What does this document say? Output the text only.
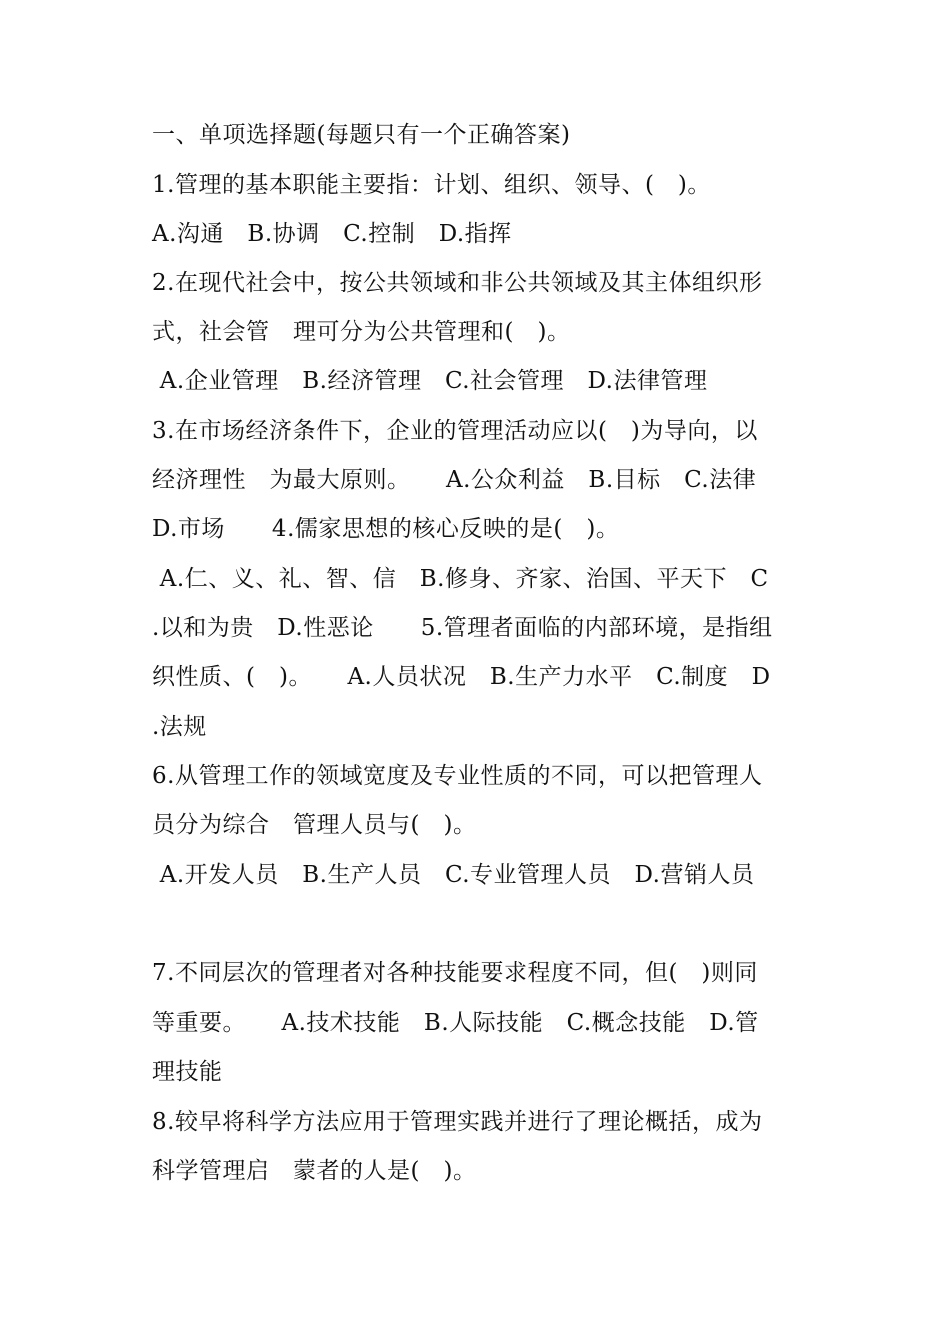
一、单项选择题(每题只有一个正确答案)
1.管理的基本职能主要指：计划、组织、领导、(　)。
A.沟通　B.协调　C.控制　D.指挥
2.在现代社会中，按公共领域和非公共领域及其主体组织形
式，社会管　理可分为公共管理和(　)。
A.企业管理　B.经济管理　C.社会管理　D.法律管理
3.在市场经济条件下，企业的管理活动应以(　)为导向，以
经济理性　为最大原则。　　A.公众利益　B.目标　C.法律
D.市场　　4.儒家思想的核心反映的是(　)。
A.仁、义、礼、智、信　B.修身、齐家、治国、平天下　C
.以和为贵　D.性恶论　　5.管理者面临的内部环境，是指组
织性质、(　)。　　A.人员状况　B.生产力水平　C.制度　D
.法规
6.从管理工作的领域宽度及专业性质的不同，可以把管理人
员分为综合　管理人员与(　)。
A.开发人员　B.生产人员　C.专业管理人员　D.营销人员
7.不同层次的管理者对各种技能要求程度不同，但(　)则同
等重要。　　A.技术技能　B.人际技能　C.概念技能　D.管
理技能
8.较早将科学方法应用于管理实践并进行了理论概括，成为
科学管理启　蒙者的人是(　)。
